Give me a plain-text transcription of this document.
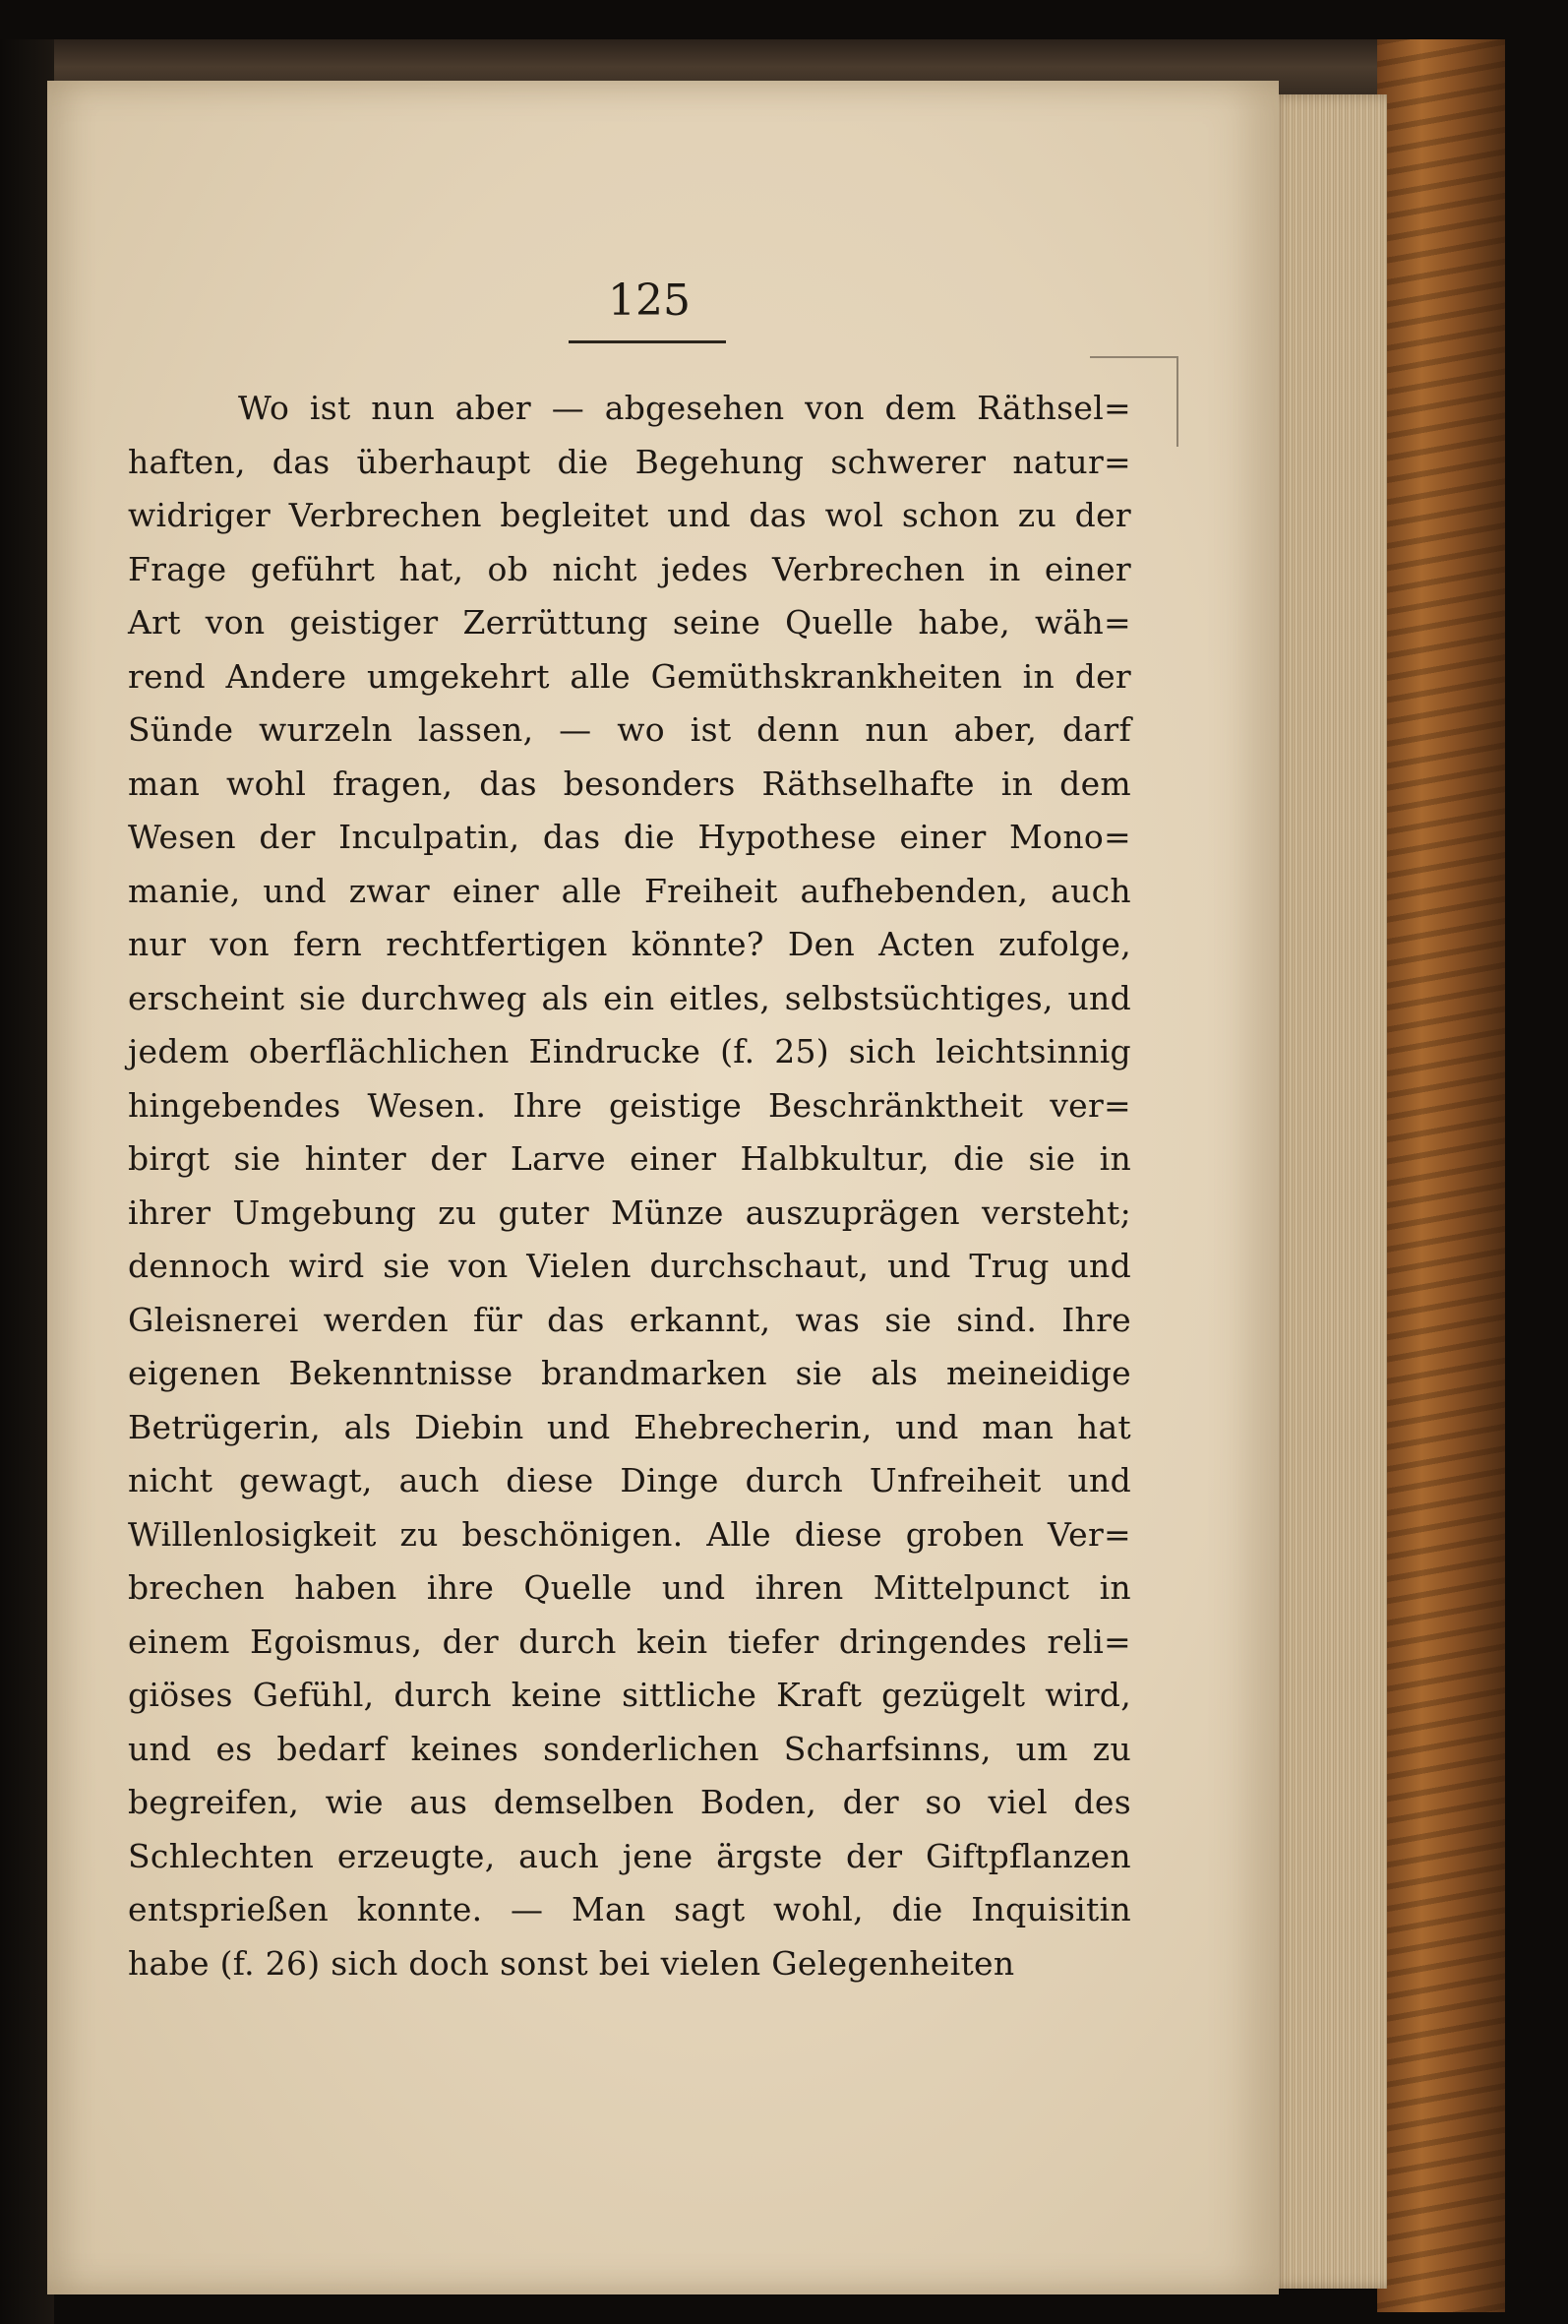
125
Wo ist nun aber — abgesehen von dem Räthsel=
haften, das überhaupt die Begehung schwerer natur=
widriger Verbrechen begleitet und das wol schon zu der
Frage geführt hat, ob nicht jedes Verbrechen in einer
Art von geistiger Zerrüttung seine Quelle habe, wäh=
rend Andere umgekehrt alle Gemüthskrankheiten in der
Sünde wurzeln lassen, — wo ist denn nun aber, darf
man wohl fragen, das besonders Räthselhafte in dem
Wesen der Inculpatin, das die Hypothese einer Mono=
manie, und zwar einer alle Freiheit aufhebenden, auch
nur von fern rechtfertigen könnte? Den Acten zufolge,
erscheint sie durchweg als ein eitles, selbstsüchtiges, und
jedem oberflächlichen Eindrucke (f. 25) sich leichtsinnig
hingebendes Wesen. Ihre geistige Beschränktheit ver=
birgt sie hinter der Larve einer Halbkultur, die sie in
ihrer Umgebung zu guter Münze auszuprägen versteht;
dennoch wird sie von Vielen durchschaut, und Trug und
Gleisnerei werden für das erkannt, was sie sind. Ihre
eigenen Bekenntnisse brandmarken sie als meineidige
Betrügerin, als Diebin und Ehebrecherin, und man hat
nicht gewagt, auch diese Dinge durch Unfreiheit und
Willenlosigkeit zu beschönigen. Alle diese groben Ver=
brechen haben ihre Quelle und ihren Mittelpunct in
einem Egoismus, der durch kein tiefer dringendes reli=
giöses Gefühl, durch keine sittliche Kraft gezügelt wird,
und es bedarf keines sonderlichen Scharfsinns, um zu
begreifen, wie aus demselben Boden, der so viel des
Schlechten erzeugte, auch jene ärgste der Giftpflanzen
entsprießen konnte. — Man sagt wohl, die Inquisitin
habe (f. 26) sich doch sonst bei vielen Gelegenheiten
